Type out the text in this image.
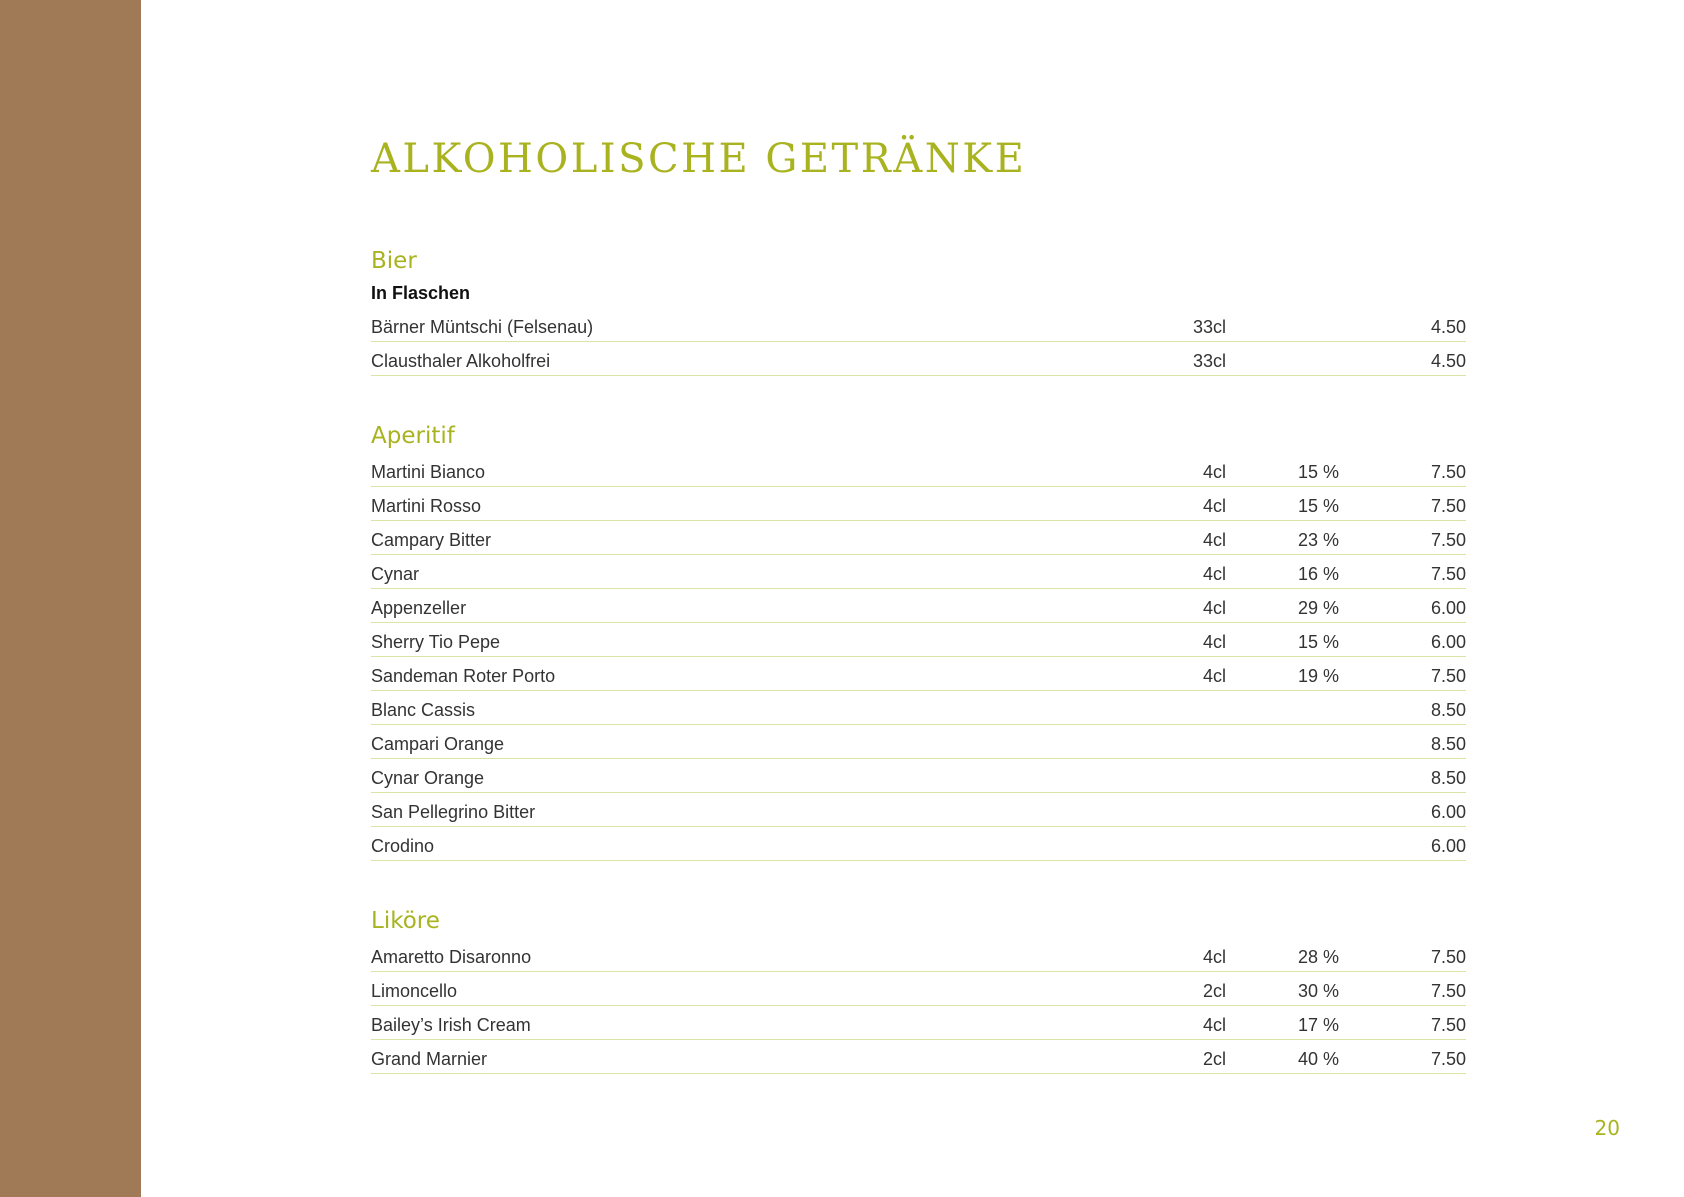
ALKOHOLISCHE GETRÄNKE
Bier
In Flaschen
Bärner Müntschi (Felsenau)	33cl	4.50
Clausthaler Alkoholfrei	33cl	4.50
Aperitif
Martini Bianco	4cl	15 %	7.50
Martini Rosso	4cl	15 %	7.50
Campary Bitter	4cl	23 %	7.50
Cynar	4cl	16 %	7.50
Appenzeller	4cl	29 %	6.00
Sherry Tio Pepe	4cl	15 %	6.00
Sandeman Roter Porto	4cl	19 %	7.50
Blanc Cassis	8.50
Campari Orange	8.50
Cynar Orange	8.50
San Pellegrino Bitter	6.00
Crodino	6.00
Liköre
Amaretto Disaronno	4cl	28 %	7.50
Limoncello	2cl	30 %	7.50
Bailey’s Irish Cream	4cl	17 %	7.50
Grand Marnier	2cl	40 %	7.50
20
